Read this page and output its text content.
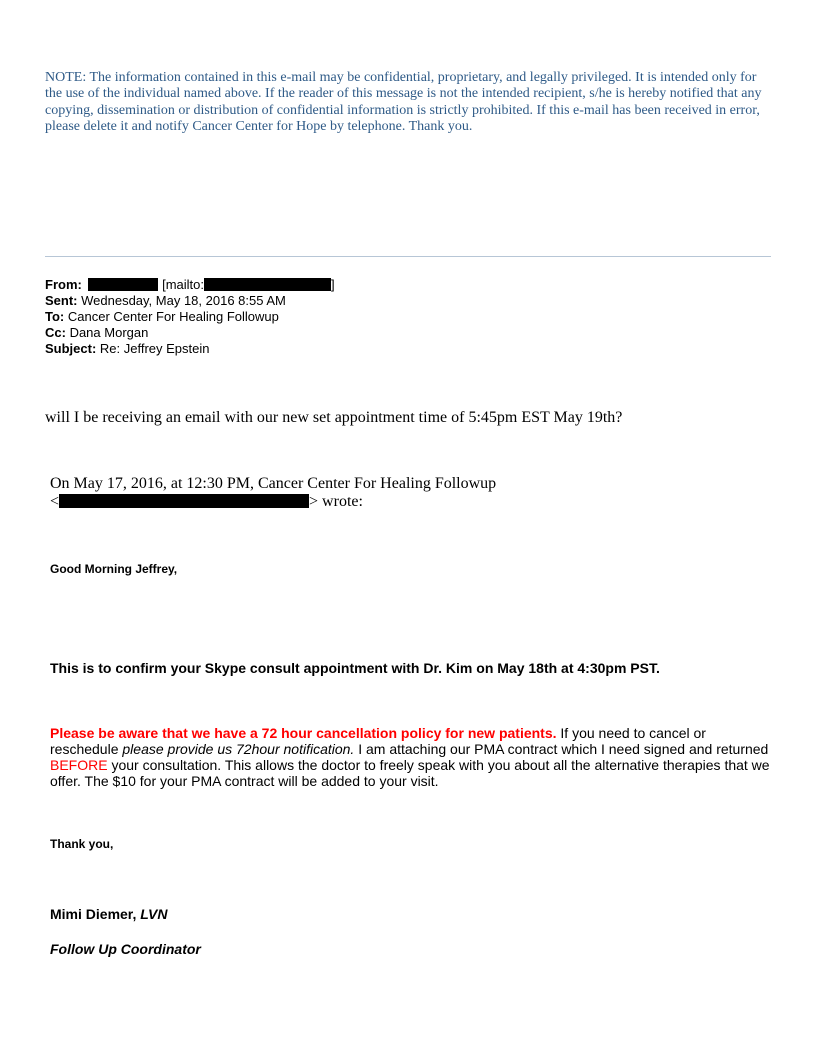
NOTE: The information contained in this e-mail may be confidential, proprietary, and legally privileged. It is intended only for the use of the individual named above. If the reader of this message is not the intended recipient, s/he is hereby notified that any copying, dissemination or distribution of confidential information is strictly prohibited. If this e-mail has been received in error, please delete it and notify Cancer Center for Hope by telephone. Thank you.
From:	[mailto:	]
Sent: Wednesday, May 18, 2016 8:55 AM
To: Cancer Center For Healing Followup
Cc: Dana Morgan
Subject: Re: Jeffrey Epstein
will I be receiving an email with our new set appointment time of 5:45pm EST May 19th?
On May 17, 2016, at 12:30 PM, Cancer Center For Healing Followup
<	> wrote:
Good Morning Jeffrey,
This is to confirm your Skype consult appointment with Dr. Kim on May 18th at 4:30pm PST.
Please be aware that we have a 72 hour cancellation policy for new patients. If you need to cancel or reschedule please provide us 72hour notification. I am attaching our PMA contract which I need signed and returned BEFORE your consultation. This allows the doctor to freely speak with you about all the alternative therapies that we offer. The $10 for your PMA contract will be added to your visit.
Thank you,
Mimi Diemer, LVN
Follow Up Coordinator
